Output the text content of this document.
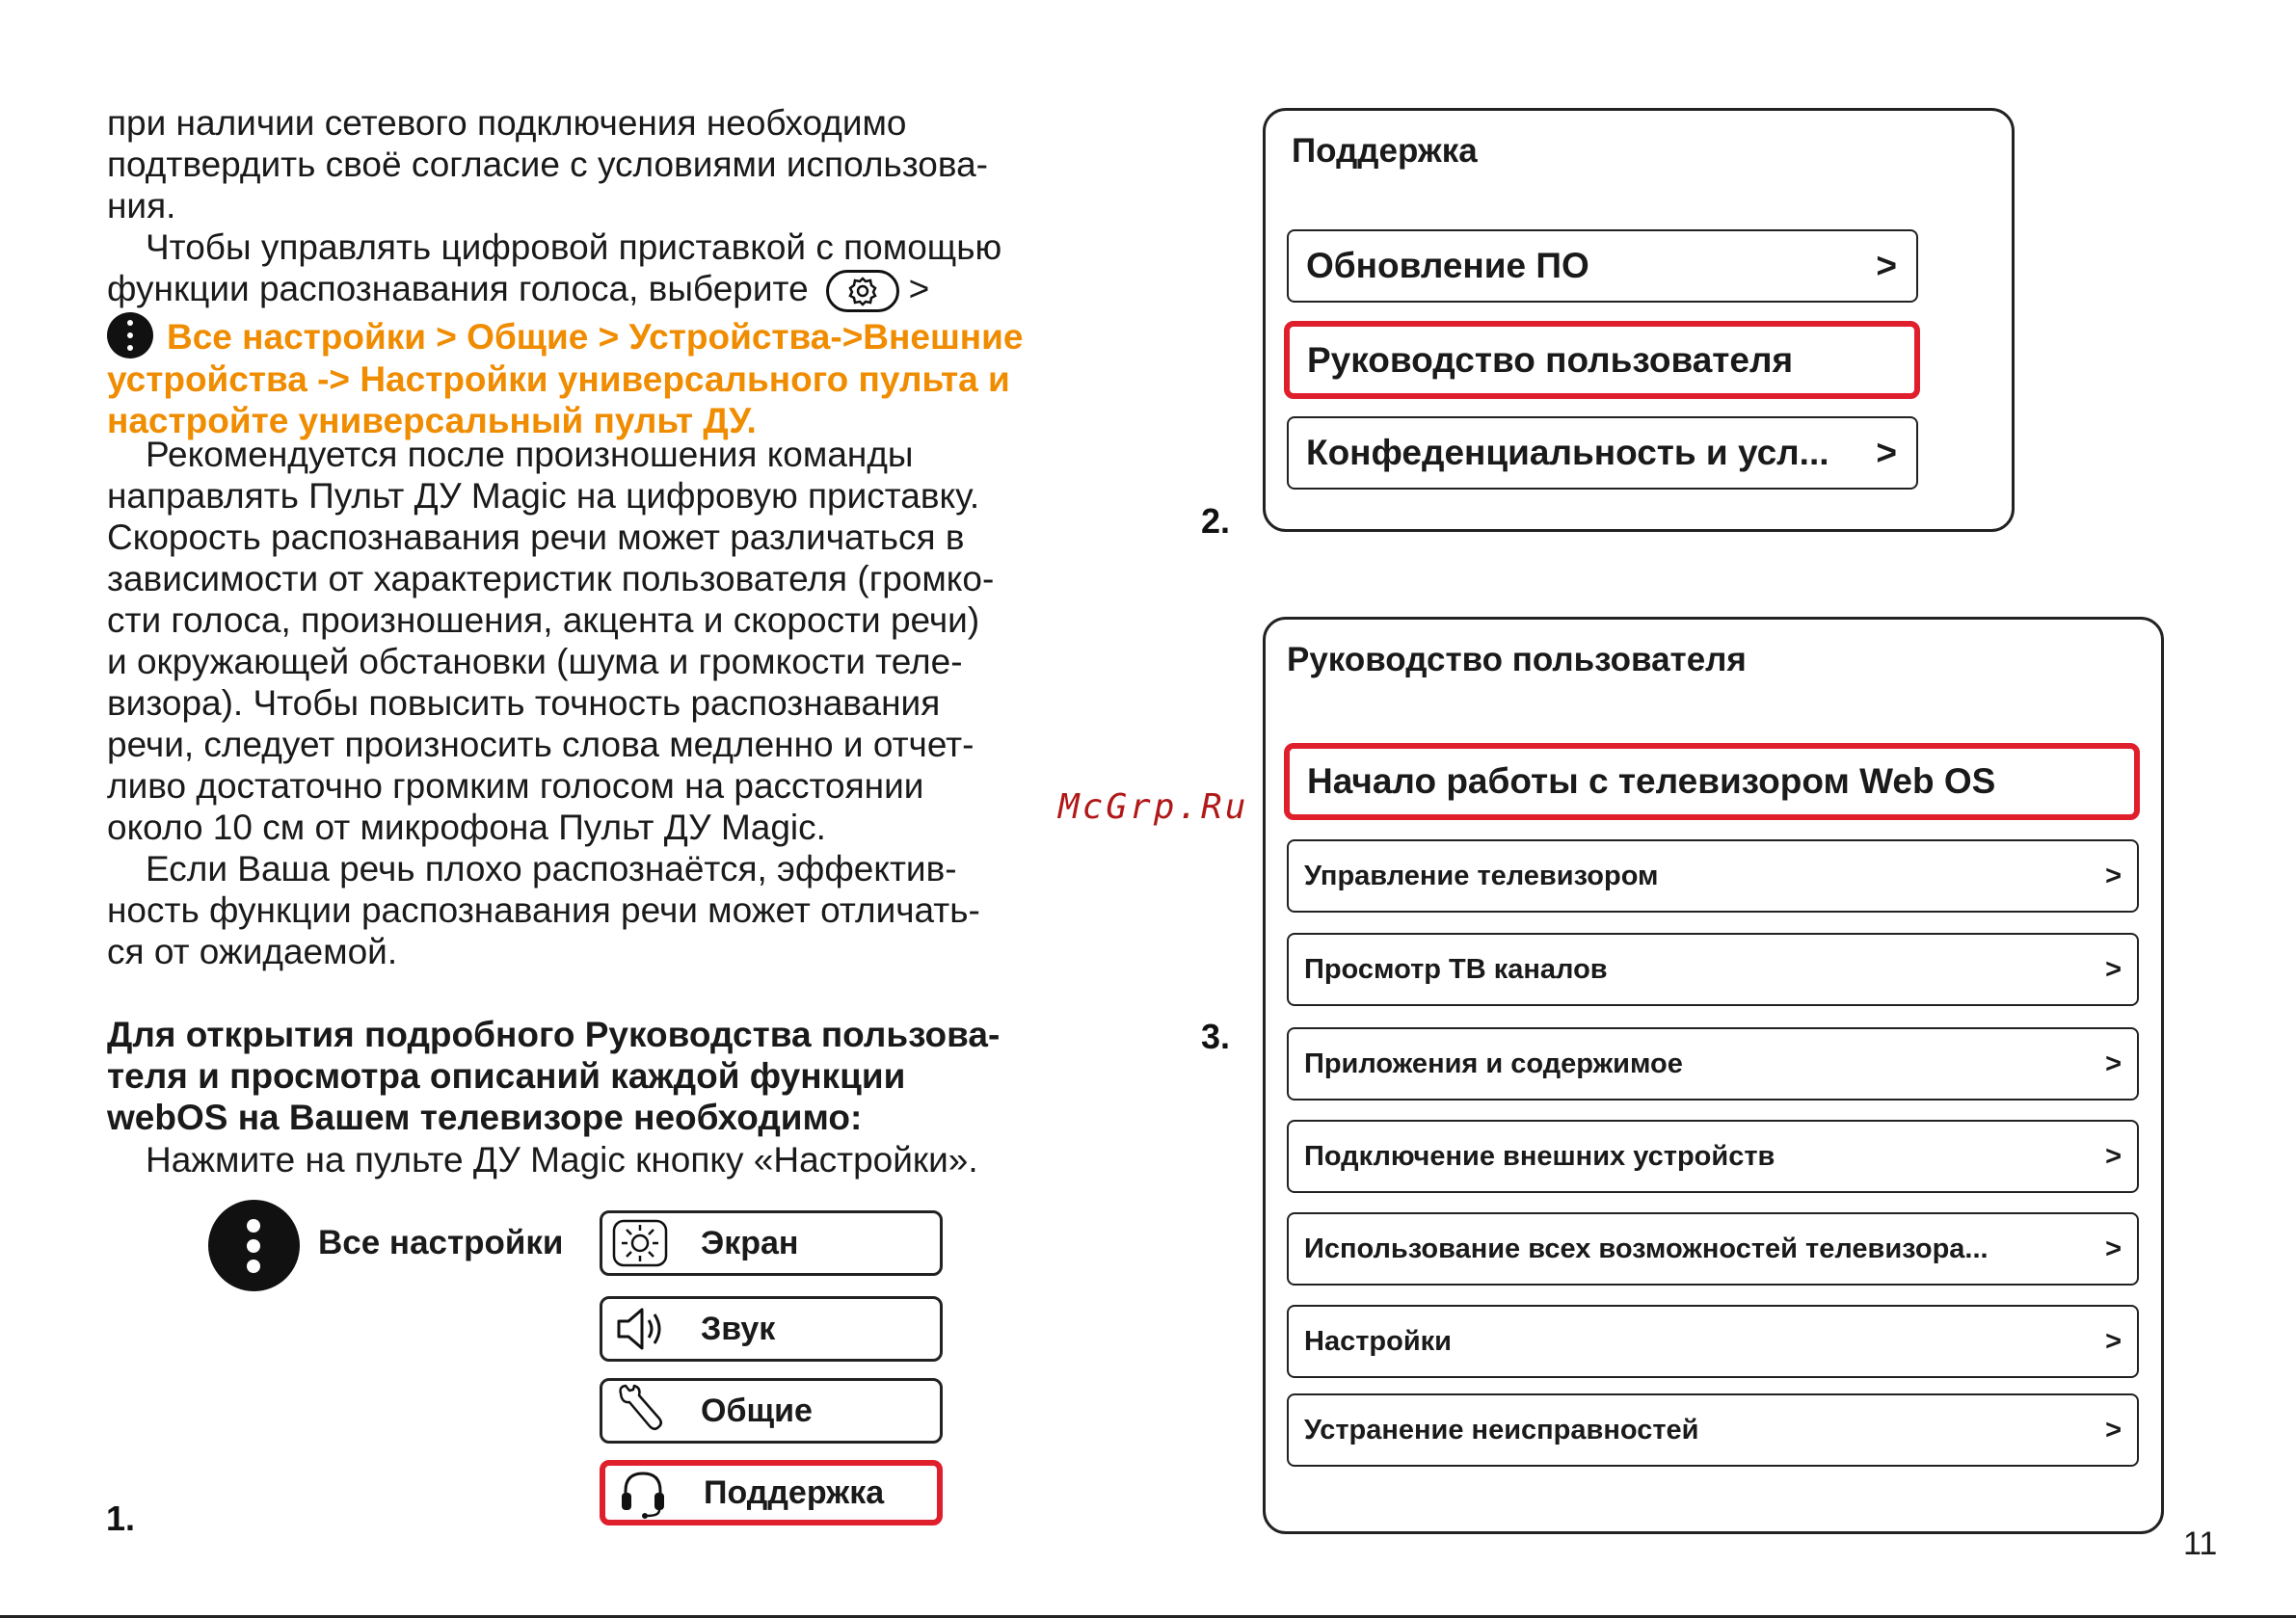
при наличии сетевого подключения необходимо
подтвердить своё согласие с условиями использова-
ния.
Чтобы управлять цифровой приставкой с помощью
функции распознавания голоса, выберите	>
Все настройки > Общие > Устройства->Внешние
устройства -> Настройки универсального пульта и
настройте универсальный пульт ДУ.
Рекомендуется после произношения команды
направлять Пульт ДУ Magic на цифровую приставку.
Скорость распознавания речи может различаться в
зависимости от характеристик пользователя (громко-
сти голоса, произношения, акцента и скорости речи)
и окружающей обстановки (шума и громкости теле-
визора). Чтобы повысить точность распознавания
речи, следует произносить слова медленно и отчет-
ливо достаточно громким голосом на расстоянии
около 10 см от микрофона Пульт ДУ Magic.
Если Ваша речь плохо распознаётся, эффектив-
ность функции распознавания речи может отличать-
ся от ожидаемой.
Для открытия подробного Руководства пользова-
теля и просмотра описаний каждой функции
webOS на Вашем телевизоре необходимо:
Нажмите на пульте ДУ Magic кнопку «Настройки».
Все настройки	Экран
Звук
Общие
Поддержка
1.
2.
Поддержка
Обновление ПО	>
Руководство пользователя
Конфеденциальность и усл... >
3.
Руководство пользователя
Начало работы с телевизором Web OS
Управление телевизором	>
Просмотр ТВ каналов	>
Приложения и содержимое	>
Подключение внешних устройств	>
Использование всех возможностей телевизора...	>
Настройки	>
Устранение неисправностей	>
McGrp.Ru
11
